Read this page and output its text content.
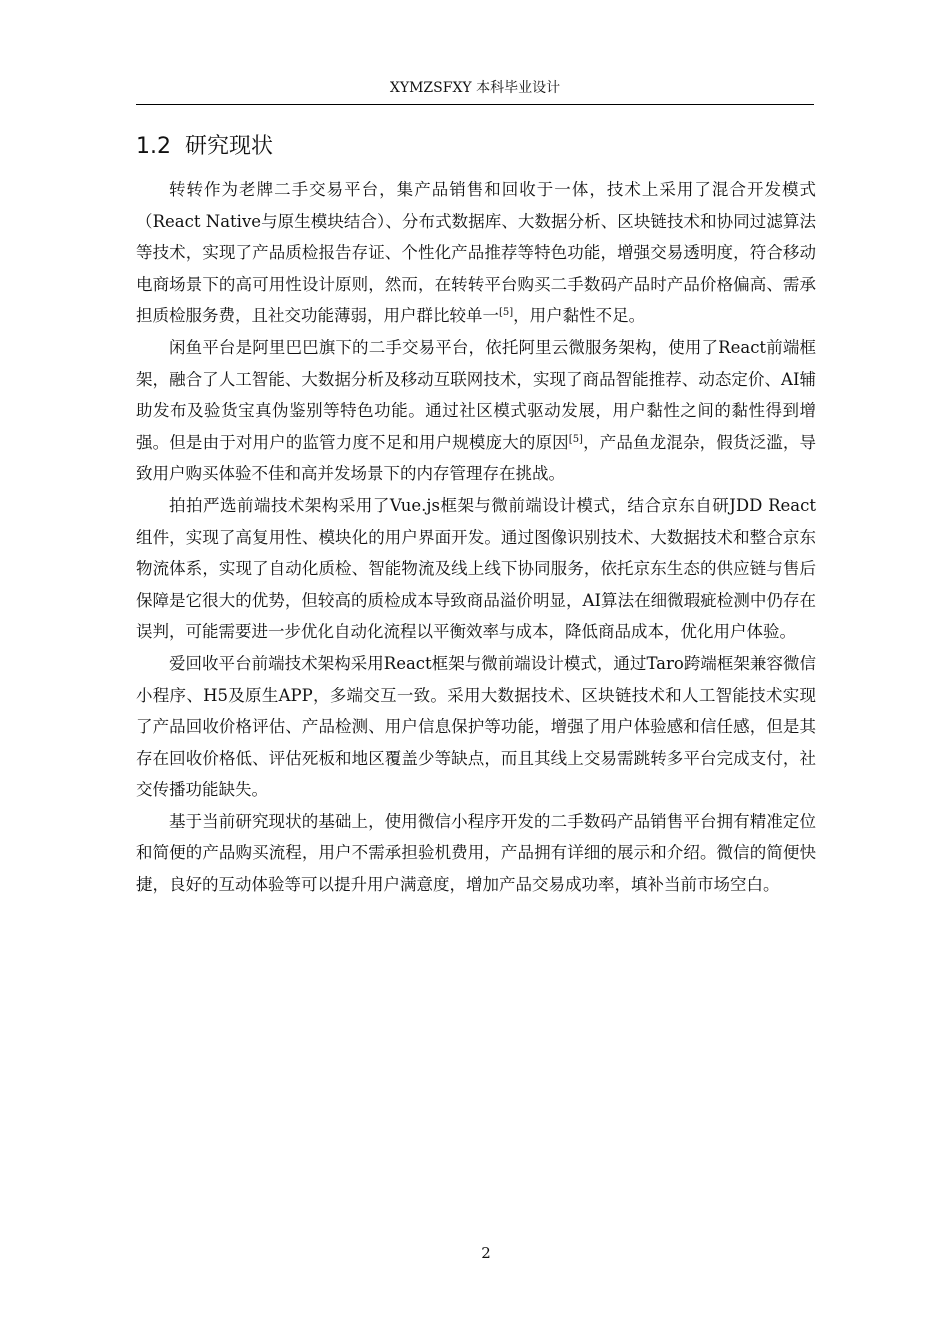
XYMZSFXY 本科毕业设计
1.2 研究现状

转转作为老牌二手交易平台，集产品销售和回收于一体，技术上采用了混合开发模式（React Native与原生模块结合）、分布式数据库、大数据分析、区块链技术和协同过滤算法等技术，实现了产品质检报告存证、个性化产品推荐等特色功能，增强交易透明度，符合移动电商场景下的高可用性设计原则，然而，在转转平台购买二手数码产品时产品价格偏高、需承担质检服务费，且社交功能薄弱，用户群比较单一[5]，用户黏性不足。

闲鱼平台是阿里巴巴旗下的二手交易平台，依托阿里云微服务架构，使用了React前端框架，融合了人工智能、大数据分析及移动互联网技术，实现了商品智能推荐、动态定价、AI辅助发布及验货宝真伪鉴别等特色功能。通过社区模式驱动发展，用户黏性之间的黏性得到增强。但是由于对用户的监管力度不足和用户规模庞大的原因[5]，产品鱼龙混杂，假货泛滥，导致用户购买体验不佳和高并发场景下的内存管理存在挑战。

拍拍严选前端技术架构采用了Vue.js框架与微前端设计模式，结合京东自研JDD React组件，实现了高复用性、模块化的用户界面开发。通过图像识别技术、大数据技术和整合京东物流体系，实现了自动化质检、智能物流及线上线下协同服务，依托京东生态的供应链与售后保障是它很大的优势，但较高的质检成本导致商品溢价明显，AI算法在细微瑕疵检测中仍存在误判，可能需要进一步优化自动化流程以平衡效率与成本，降低商品成本，优化用户体验。

爱回收平台前端技术架构采用React框架与微前端设计模式，通过Taro跨端框架兼容微信小程序、H5及原生APP，多端交互一致。采用大数据技术、区块链技术和人工智能技术实现了产品回收价格评估、产品检测、用户信息保护等功能，增强了用户体验感和信任感，但是其存在回收价格低、评估死板和地区覆盖少等缺点，而且其线上交易需跳转多平台完成支付，社交传播功能缺失。

基于当前研究现状的基础上，使用微信小程序开发的二手数码产品销售平台拥有精准定位和简便的产品购买流程，用户不需承担验机费用，产品拥有详细的展示和介绍。微信的简便快捷，良好的互动体验等可以提升用户满意度，增加产品交易成功率，填补当前市场空白。

2
